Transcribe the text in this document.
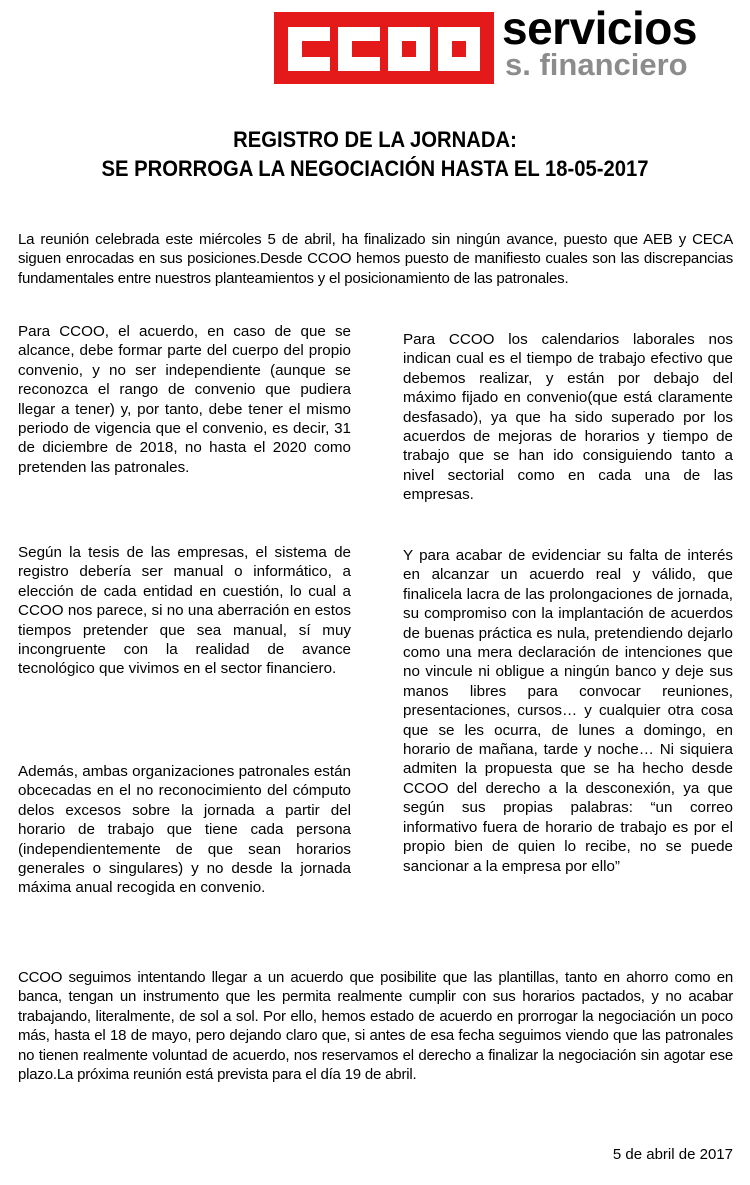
servicios
s. financiero
REGISTRO DE LA JORNADA:
SE PRORROGA LA NEGOCIACIÓN HASTA EL 18-05-2017

La reunión celebrada este miércoles 5 de abril, ha finalizado sin ningún avance, puesto que AEB y CECA siguen enrocadas en sus posiciones.Desde CCOO hemos puesto de manifiesto cuales son las discrepancias fundamentales entre nuestros planteamientos y el posicionamiento de las patronales.

Para CCOO, el acuerdo, en caso de que se alcance, debe formar parte del cuerpo del propio convenio, y no ser independiente (aunque se reconozca el rango de convenio que pudiera llegar a tener) y, por tanto, debe tener el mismo periodo de vigencia que el convenio, es decir, 31 de diciembre de 2018, no hasta el 2020 como pretenden las patronales.

Según la tesis de las empresas, el sistema de registro debería ser manual o informático, a elección de cada entidad en cuestión, lo cual a CCOO nos parece, si no una aberración en estos tiempos pretender que sea manual, sí muy incongruente con la realidad de avance tecnológico que vivimos en el sector financiero.

Además, ambas organizaciones patronales están obcecadas en el no reconocimiento del cómputo delos excesos sobre la jornada a partir del horario de trabajo que tiene cada persona (independientemente de que sean horarios generales o singulares) y no desde la jornada máxima anual recogida en convenio.

Para CCOO los calendarios laborales nos indican cual es el tiempo de trabajo efectivo que debemos realizar, y están por debajo del máximo fijado en convenio(que está claramente desfasado), ya que ha sido superado por los acuerdos de mejoras de horarios y tiempo de trabajo que se han ido consiguiendo tanto a nivel sectorial como en cada una de las empresas.

Y para acabar de evidenciar su falta de interés en alcanzar un acuerdo real y válido, que finalicela lacra de las prolongaciones de jornada, su compromiso con la implantación de acuerdos de buenas práctica es nula, pretendiendo dejarlo como una mera declaración de intenciones que no vincule ni obligue a ningún banco y deje sus manos libres para convocar reuniones, presentaciones, cursos… y cualquier otra cosa que se les ocurra, de lunes a domingo, en horario de mañana, tarde y noche… Ni siquiera admiten la propuesta que se ha hecho desde CCOO del derecho a la desconexión, ya que según sus propias palabras: “un correo informativo fuera de horario de trabajo es por el propio bien de quien lo recibe, no se puede sancionar a la empresa por ello”

CCOO seguimos intentando llegar a un acuerdo que posibilite que las plantillas, tanto en ahorro como en banca, tengan un instrumento que les permita realmente cumplir con sus horarios pactados, y no acabar trabajando, literalmente, de sol a sol. Por ello, hemos estado de acuerdo en prorrogar la negociación un poco más, hasta el 18 de mayo, pero dejando claro que, si antes de esa fecha seguimos viendo que las patronales no tienen realmente voluntad de acuerdo, nos reservamos el derecho a finalizar la negociación sin agotar ese plazo.La próxima reunión está prevista para el día 19 de abril.

5 de abril de 2017
